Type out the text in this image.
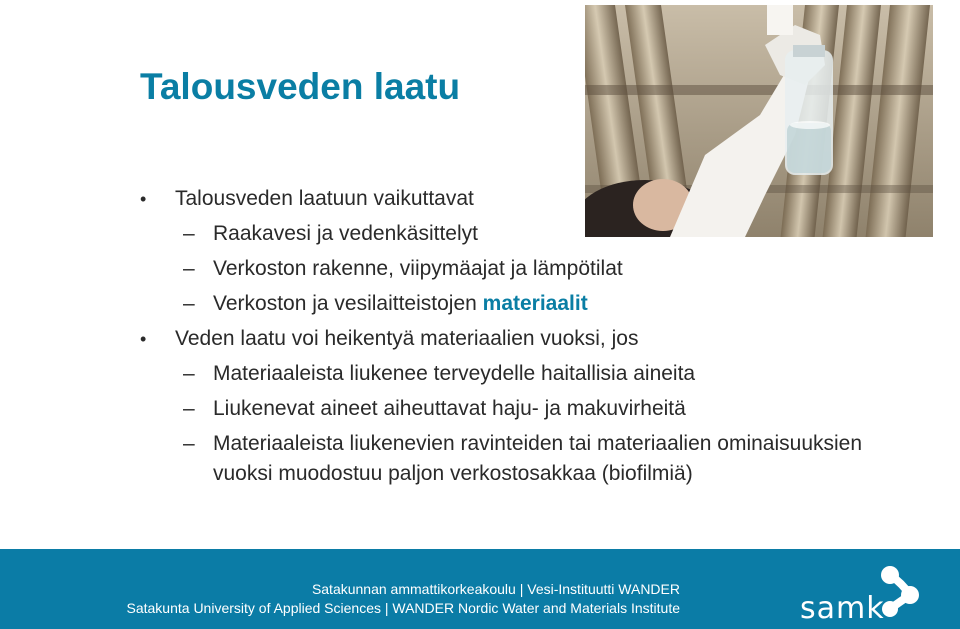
Talousveden laatu
• Talousveden laatuun vaikuttavat
– Raakavesi ja vedenkäsittelyt
– Verkoston rakenne, viipymäajat ja lämpötilat
– Verkoston ja vesilaitteistojen materiaalit
• Veden laatu voi heikentyä materiaalien vuoksi, jos
– Materiaaleista liukenee terveydelle haitallisia aineita
– Liukenevat aineet aiheuttavat haju- ja makuvirheitä
– Materiaaleista liukenevien ravinteiden tai materiaalien ominaisuuksien vuoksi muodostuu paljon verkostosakkaa (biofilmiä)
Satakunnan ammattikorkeakoulu | Vesi-Instituutti WANDER
Satakunta University of Applied Sciences | WANDER Nordic Water and Materials Institute	samk
